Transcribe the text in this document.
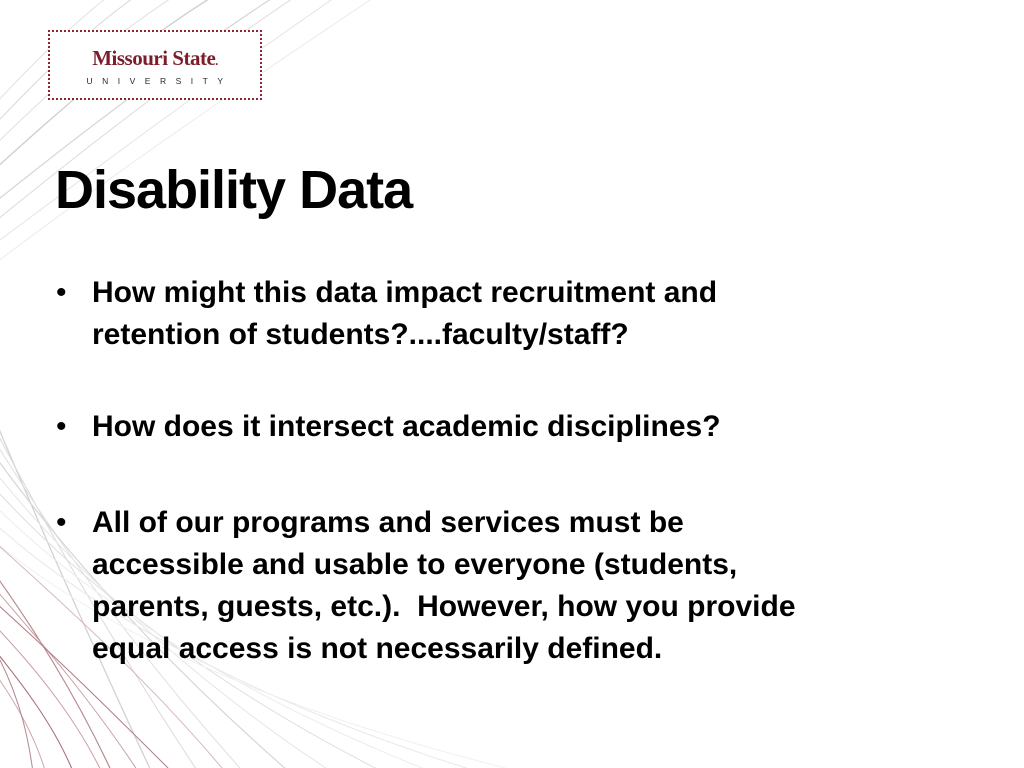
Missouri State.
UNIVERSITY
Disability Data
• How might this data impact recruitment and
retention of students?....faculty/staff?
• How does it intersect academic disciplines?
• All of our programs and services must be
accessible and usable to everyone (students,
parents, guests, etc.).  However, how you provide
equal access is not necessarily defined.
